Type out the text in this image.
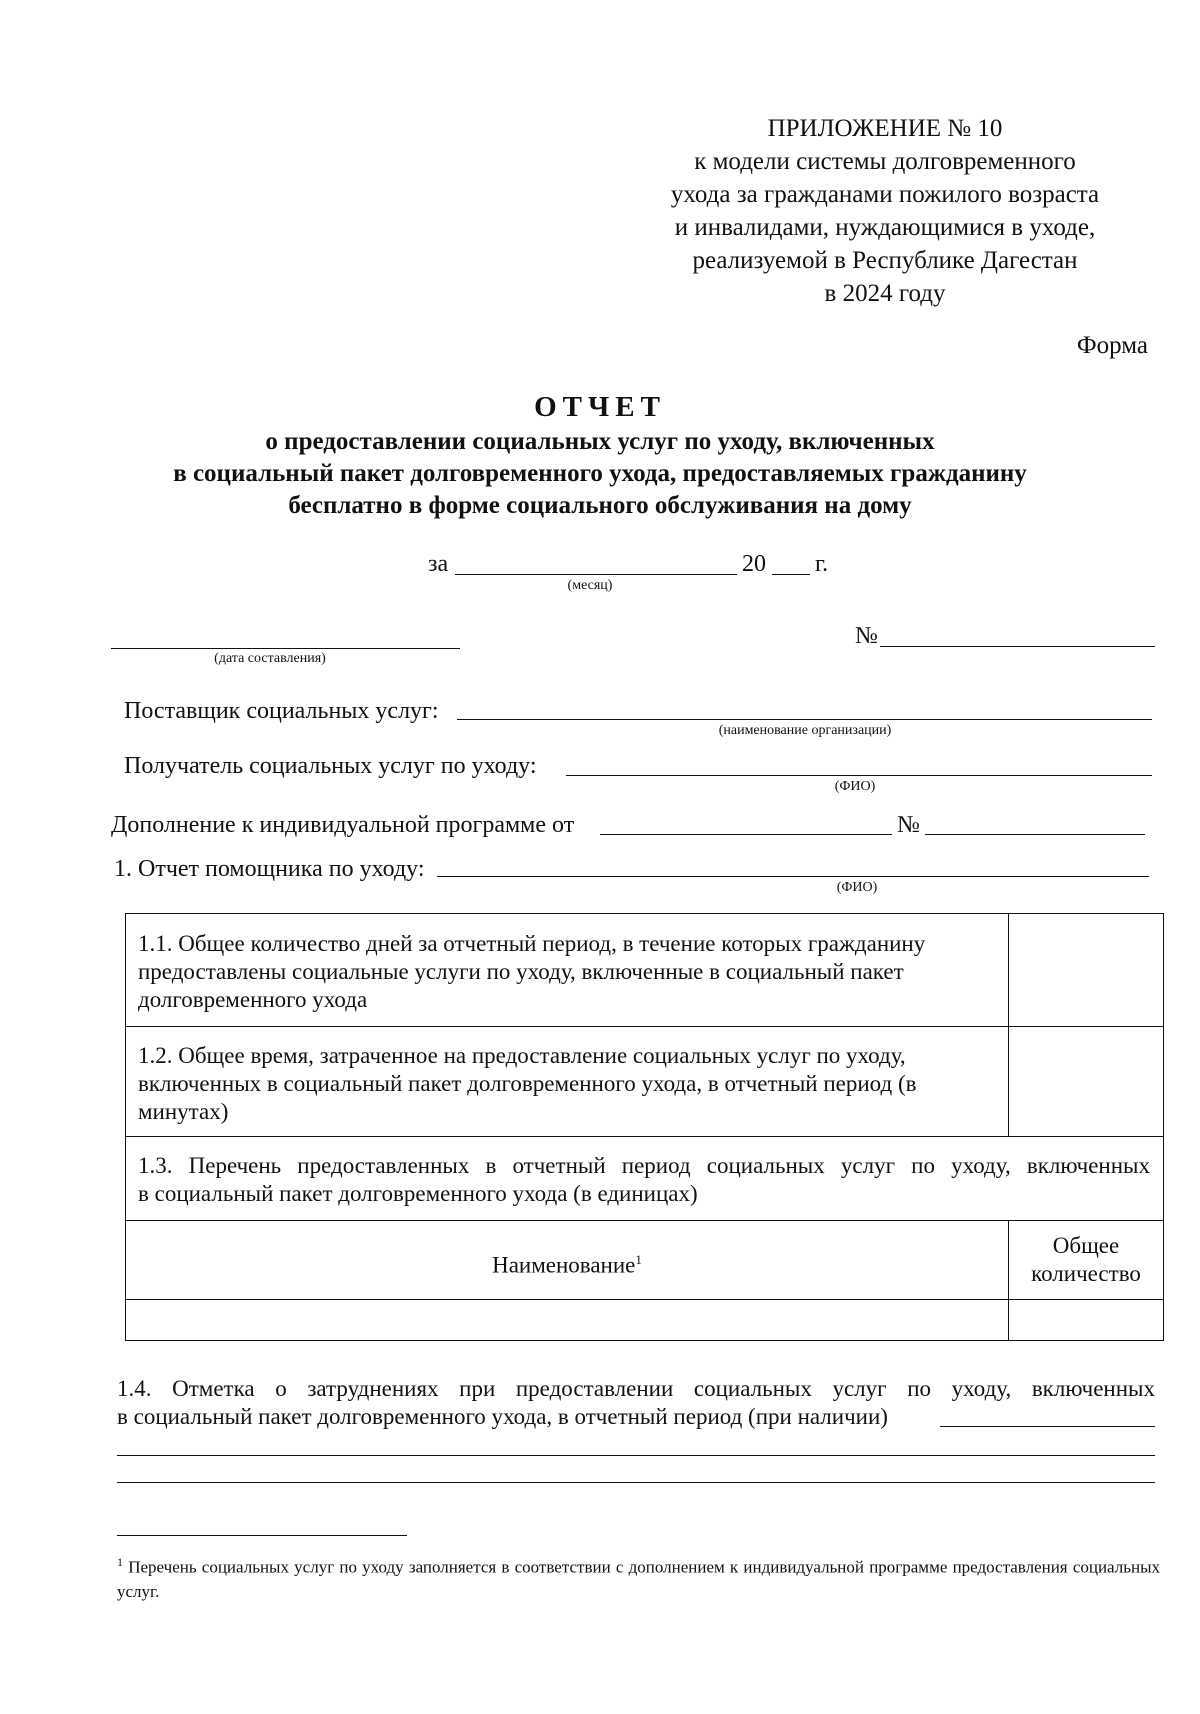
ПРИЛОЖЕНИЕ № 10
к модели системы долговременного
ухода за гражданами пожилого возраста
и инвалидами, нуждающимися в уходе,
реализуемой в Республике Дагестан
в 2024 году
Форма
ОТЧЕТ
о предоставлении социальных услуг по уходу, включенных
в социальный пакет долговременного ухода, предоставляемых гражданину
бесплатно в форме социального обслуживания на дому
за
(месяц)
20 г.
(дата составления)
№
Поставщик социальных услуг:
(наименование организации)
Получатель социальных услуг по уходу:
(ФИО)
Дополнение к индивидуальной программе от	№
1. Отчет помощника по уходу:
(ФИО)
1.1. Общее количество дней за отчетный период, в течение которых гражданину предоставлены социальные услуги по уходу, включенные в социальный пакет долговременного ухода
1.2. Общее время, затраченное на предоставление социальных услуг по уходу, включенных в социальный пакет долговременного ухода, в отчетный период (в минутах)
1.3. Перечень предоставленных в отчетный период социальных услуг по уходу, включенных
в социальный пакет долговременного ухода (в единицах)
Наименование$^1$
Общее
количество
1.4. Отметка о затруднениях при предоставлении социальных услуг по уходу, включенных
в социальный пакет долговременного ухода, в отчетный период (при наличии)
$^1$ Перечень социальных услуг по уходу заполняется в соответствии с дополнением к индивидуальной программе предоставления социальных услуг.
